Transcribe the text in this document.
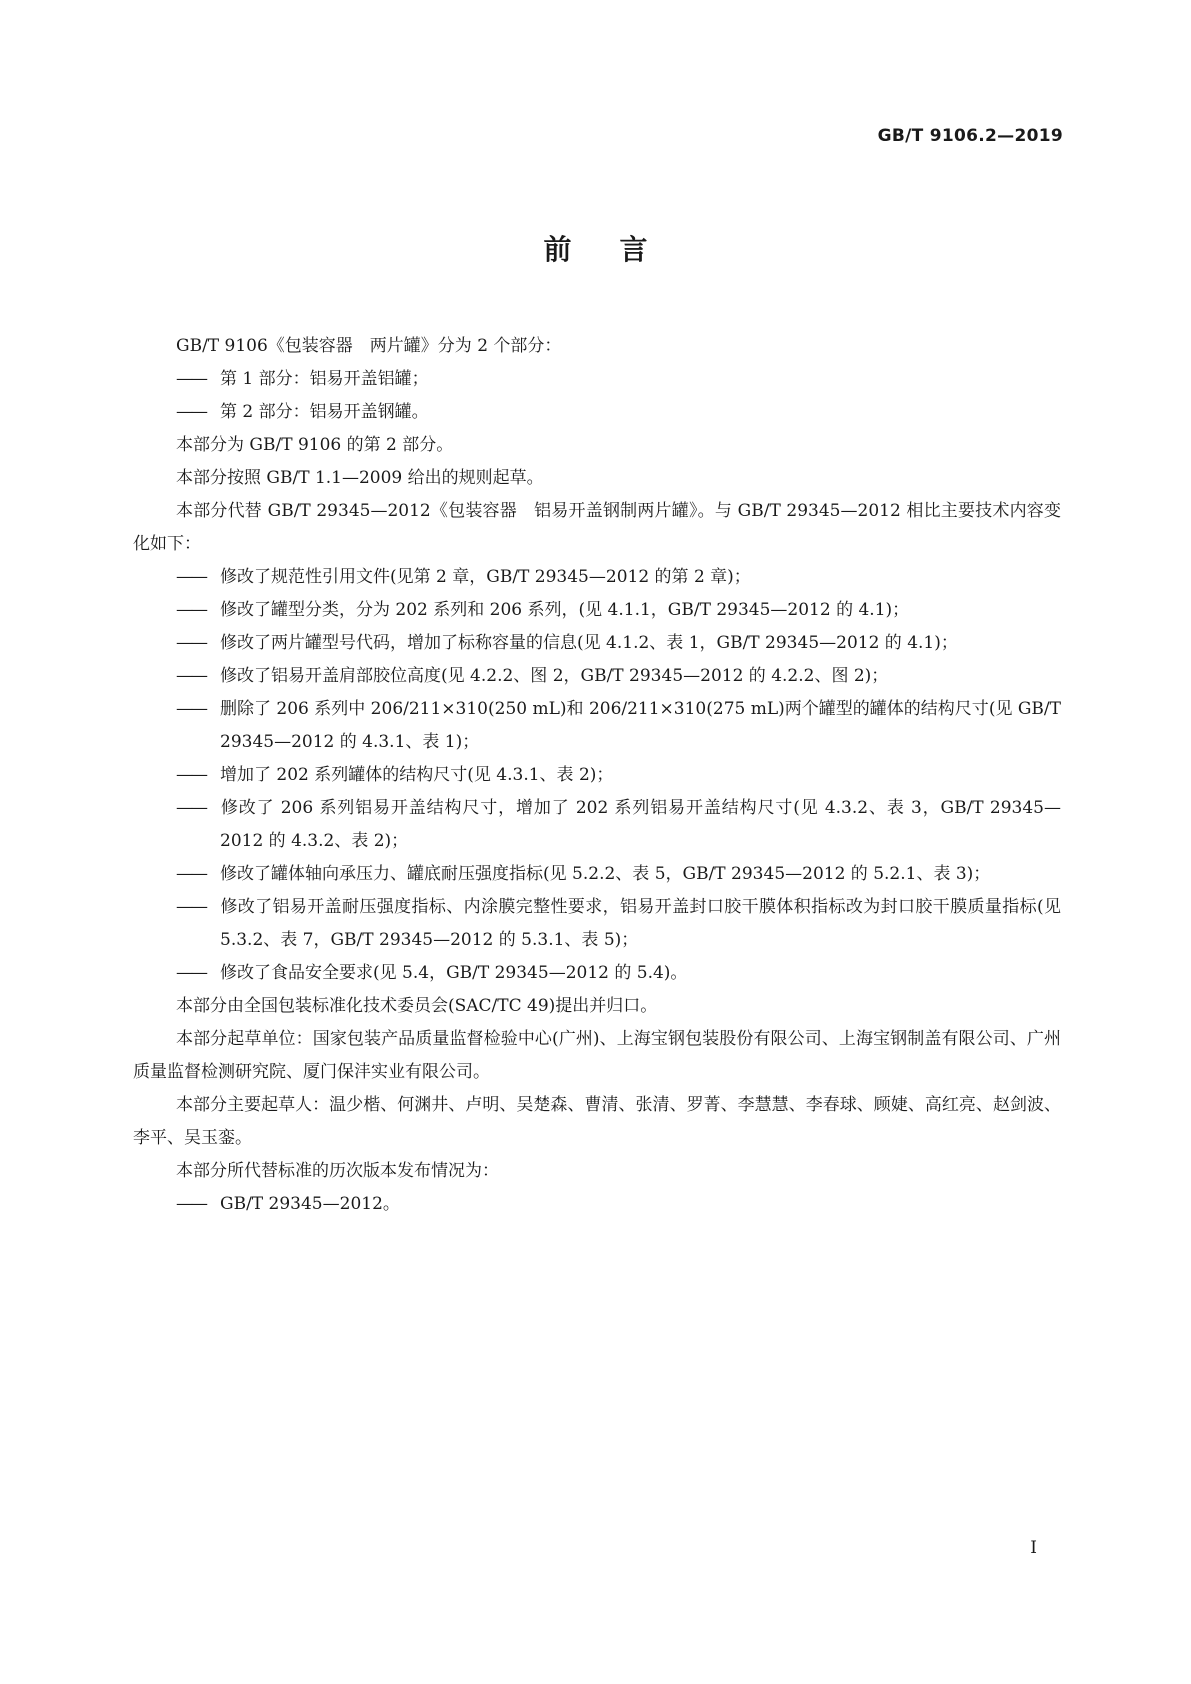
GB/T 9106.2—2019
前言

GB/T 9106《包装容器　两片罐》分为 2 个部分：

—— 第 1 部分：铝易开盖铝罐；

—— 第 2 部分：铝易开盖钢罐。

本部分为 GB/T 9106 的第 2 部分。

本部分按照 GB/T 1.1—2009 给出的规则起草。

本部分代替 GB/T 29345—2012《包装容器　铝易开盖钢制两片罐》。与 GB/T 29345—2012 相比主要技术内容变化如下：

—— 修改了规范性引用文件(见第 2 章，GB/T 29345—2012 的第 2 章)；

—— 修改了罐型分类，分为 202 系列和 206 系列，(见 4.1.1，GB/T 29345—2012 的 4.1)；

—— 修改了两片罐型号代码，增加了标称容量的信息(见 4.1.2、表 1，GB/T 29345—2012 的 4.1)；

—— 修改了铝易开盖肩部胶位高度(见 4.2.2、图 2，GB/T 29345—2012 的 4.2.2、图 2)；

—— 删除了 206 系列中 206/211×310(250 mL)和 206/211×310(275 mL)两个罐型的罐体的结构尺寸(见 GB/T 29345—2012 的 4.3.1、表 1)；

—— 增加了 202 系列罐体的结构尺寸(见 4.3.1、表 2)；

—— 修改了 206 系列铝易开盖结构尺寸，增加了 202 系列铝易开盖结构尺寸(见 4.3.2、表 3，GB/T 29345—2012 的 4.3.2、表 2)；

—— 修改了罐体轴向承压力、罐底耐压强度指标(见 5.2.2、表 5，GB/T 29345—2012 的 5.2.1、表 3)；

—— 修改了铝易开盖耐压强度指标、内涂膜完整性要求，铝易开盖封口胶干膜体积指标改为封口胶干膜质量指标(见 5.3.2、表 7，GB/T 29345—2012 的 5.3.1、表 5)；

—— 修改了食品安全要求(见 5.4，GB/T 29345—2012 的 5.4)。

本部分由全国包装标准化技术委员会(SAC/TC 49)提出并归口。

本部分起草单位：国家包装产品质量监督检验中心(广州)、上海宝钢包装股份有限公司、上海宝钢制盖有限公司、广州质量监督检测研究院、厦门保沣实业有限公司。

本部分主要起草人：温少楷、何渊井、卢明、吴楚森、曹清、张清、罗菁、李慧慧、李春球、顾婕、高红亮、赵剑波、李平、吴玉銮。

本部分所代替标准的历次版本发布情况为：

—— GB/T 29345—2012。

I
